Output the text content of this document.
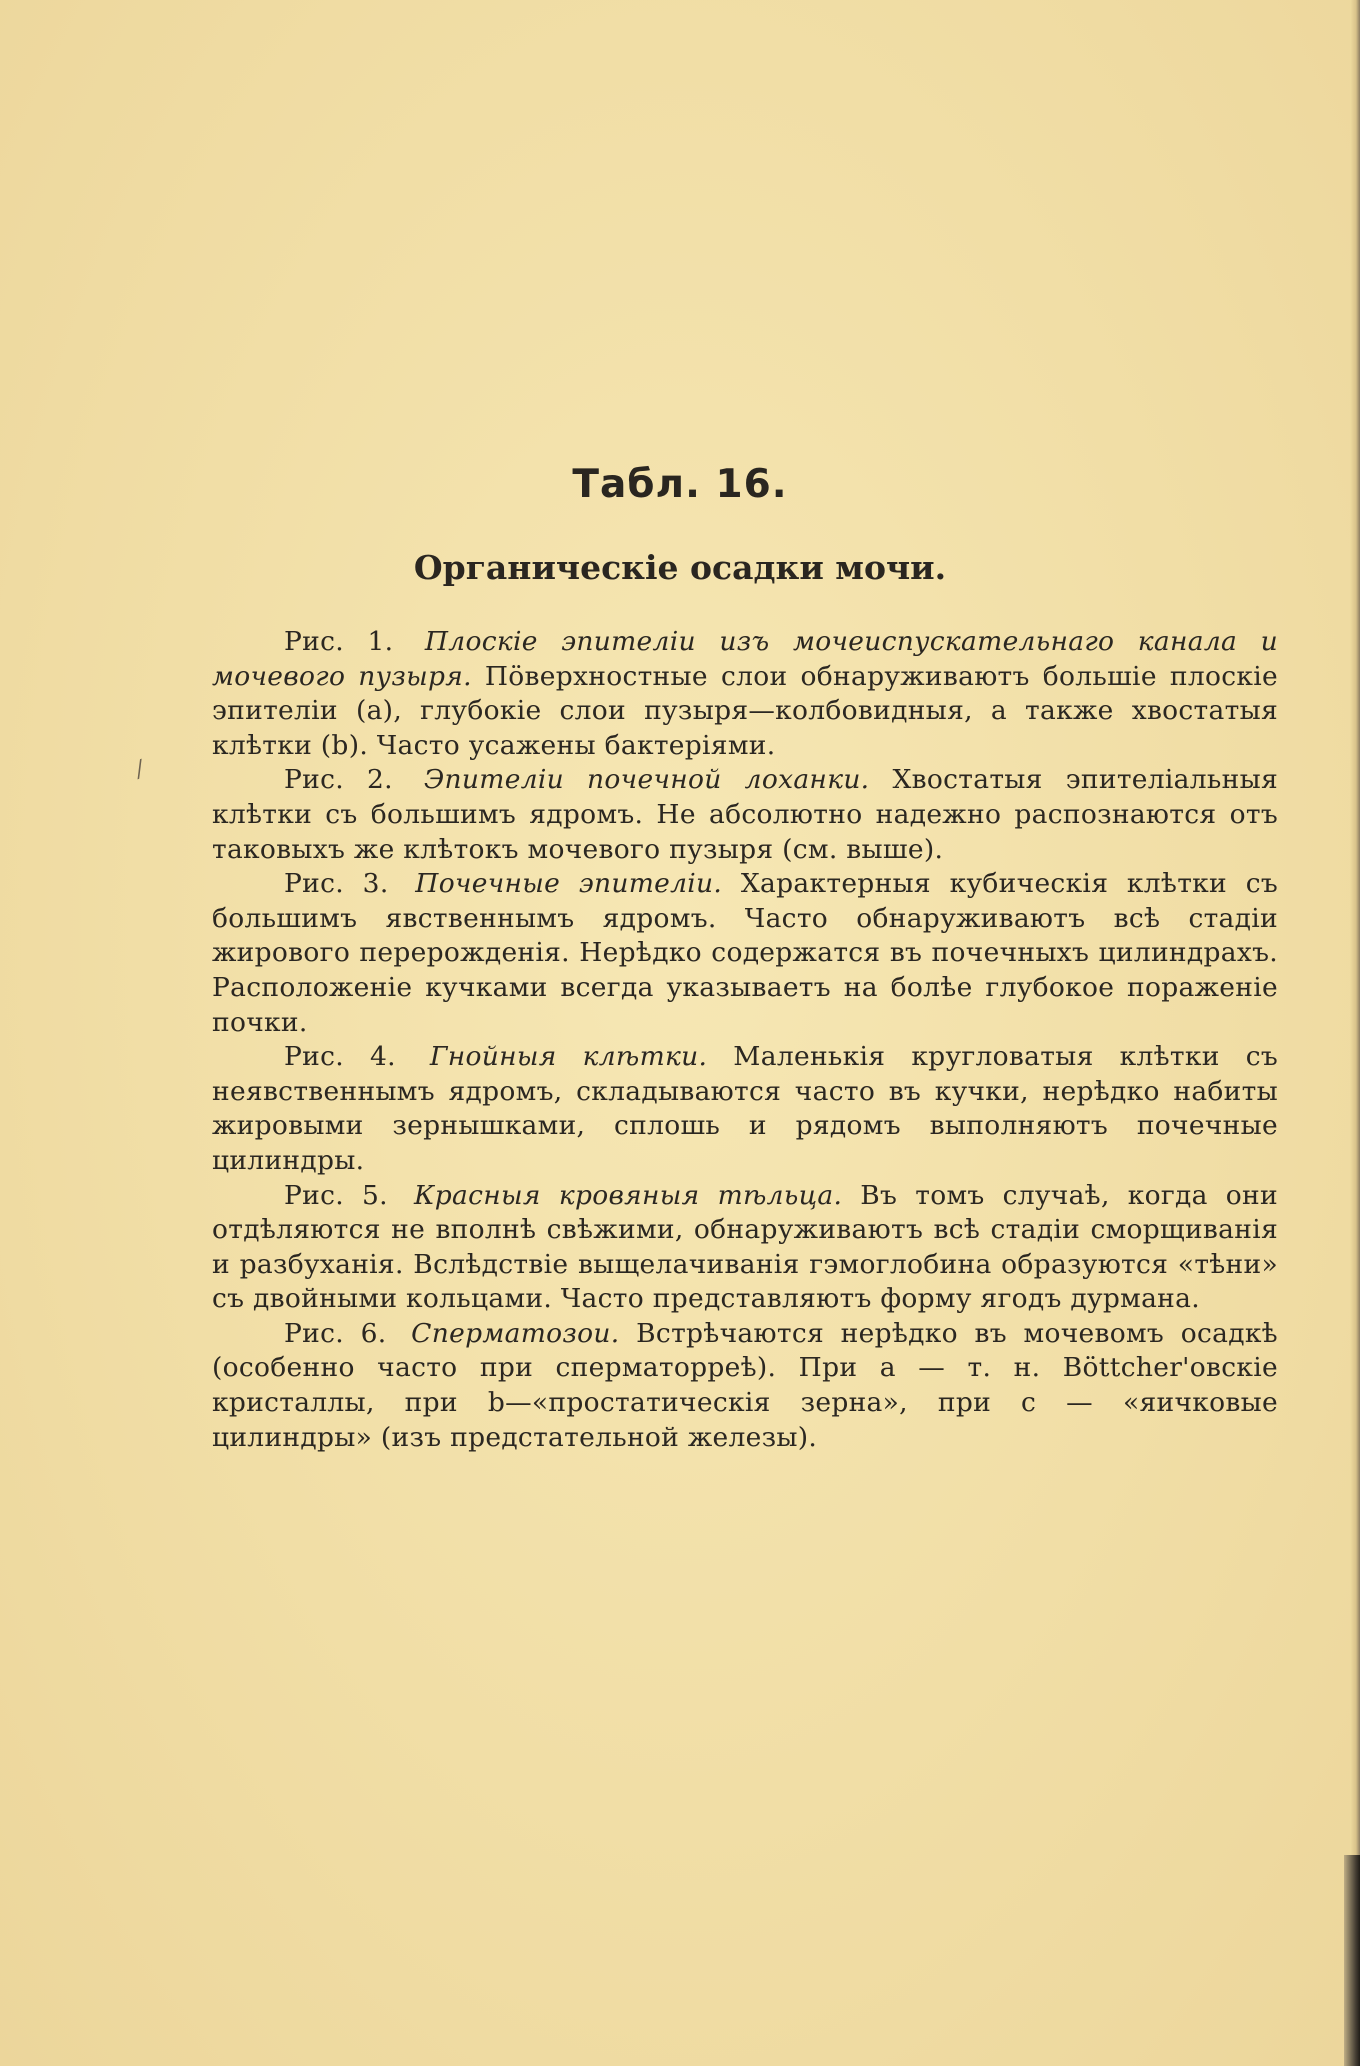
Табл. 16.
Органическiе осадки мочи.
/

Рис. 1. Плоскiе эпителiи изъ мочеиспускательнаго канала и мочевого пузыря. Пöверхностные слои обнаруживаютъ большiе плоскiе эпителiи (а), глубокiе слои пузыря—колбовидныя, а также хвостатыя клѣтки (b). Часто усажены бактерiями.

Рис. 2. Эпителiи почечной лоханки. Хвостатыя эпителiальныя клѣтки съ большимъ ядромъ. Не абсолютно надежно распознаются отъ таковыхъ же клѣтокъ мочевого пузыря (см. выше).

Рис. 3. Почечные эпителiи. Характерныя кубическiя клѣтки съ большимъ явственнымъ ядромъ. Часто обнаруживаютъ всѣ стадiи жирового перерожденiя. Нерѣдко содержатся въ почечныхъ цилиндрахъ. Расположенiе кучками всегда указываетъ на болѣе глубокое пораженiе почки.

Рис. 4. Гнойныя клѣтки. Маленькiя кругловатыя клѣтки съ неявственнымъ ядромъ, складываются часто въ кучки, нерѣдко набиты жировыми зернышками, сплошь и рядомъ выполняютъ почечные цилиндры.

Рис. 5. Красныя кровяныя тѣльца. Въ томъ случаѣ, когда они отдѣляются не вполнѣ свѣжими, обнаруживаютъ всѣ стадiи сморщиванiя и разбуханiя. Вслѣдствiе выщелачиванiя гэмоглобина образуются «тѣни» съ двойными кольцами. Часто представляютъ форму ягодъ дурмана.

Рис. 6. Сперматозои. Встрѣчаются нерѣдко въ мочевомъ осадкѣ (особенно часто при сперматорреѣ). При а — т. н. Böttcher'овскiе кристаллы, при b—«простатическiя зерна», при с — «яичковые цилиндры» (изъ предстательной железы).
